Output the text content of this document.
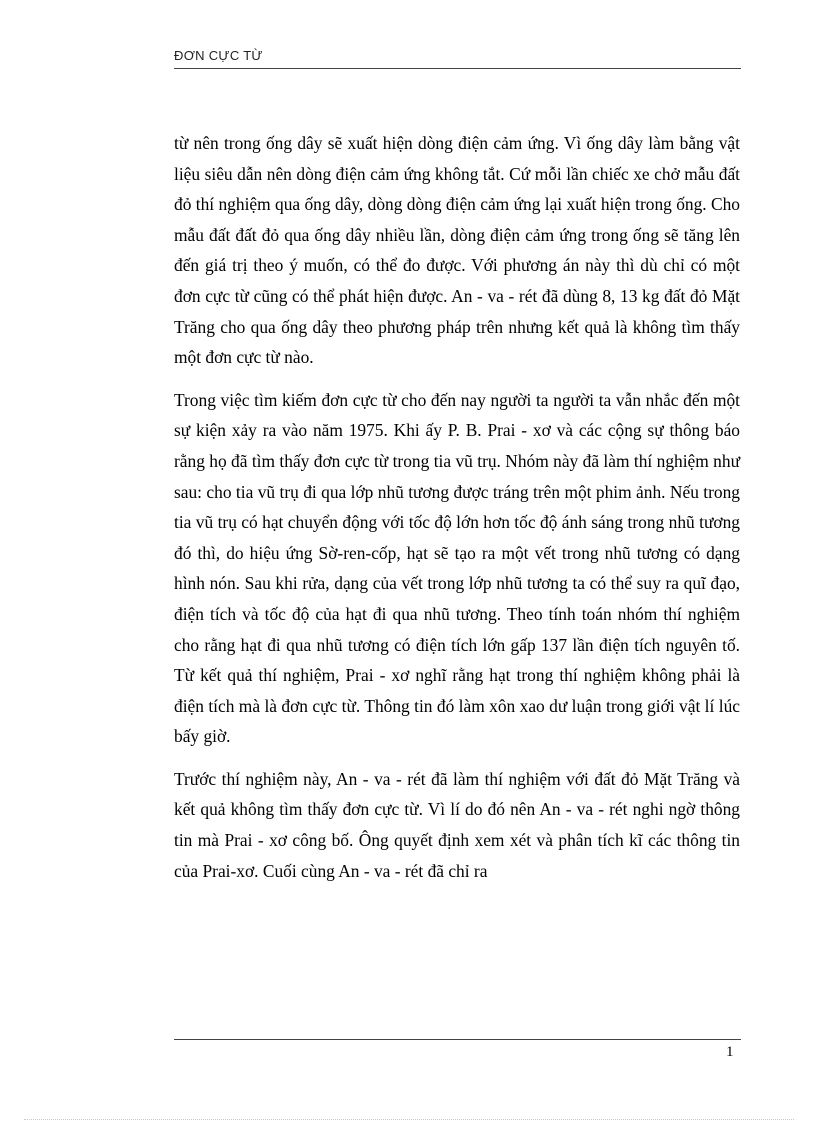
ĐƠN CỰC TỪ

từ nên trong ống dây sẽ xuất hiện dòng điện cảm ứng. Vì ống dây làm bằng vật liệu siêu dẫn nên dòng điện cảm ứng không tắt. Cứ mỗi lần chiếc xe chở mẫu đất đỏ thí nghiệm qua ống dây, dòng dòng điện cảm ứng lại xuất hiện trong ống. Cho mẫu đất đất đỏ qua ống dây nhiều lần, dòng điện cảm ứng trong ống sẽ tăng lên đến giá trị theo ý muốn, có thể đo được. Với phương án này thì dù chỉ có một đơn cực từ cũng có thể phát hiện được. An - va - rét đã dùng 8, 13 kg đất đỏ Mặt Trăng cho qua ống dây theo phương pháp trên nhưng kết quả là không tìm thấy một đơn cực từ nào.

Trong việc tìm kiếm đơn cực từ cho đến nay người ta người ta vẫn nhắc đến một sự kiện xảy ra vào năm 1975. Khi ấy P. B. Prai - xơ và các cộng sự thông báo rằng họ đã tìm thấy đơn cực từ trong tia vũ trụ. Nhóm này đã làm thí nghiệm như sau: cho tia vũ trụ đi qua lớp nhũ tương được tráng trên một phim ảnh. Nếu trong tia vũ trụ có hạt chuyển động với tốc độ lớn hơn tốc độ ánh sáng trong nhũ tương đó thì, do hiệu ứng Sờ-ren-cốp, hạt sẽ tạo ra một vết trong nhũ tương có dạng hình nón. Sau khi rửa, dạng của vết trong lớp nhũ tương ta có thể suy ra quĩ đạo, điện tích và tốc độ của hạt đi qua nhũ tương. Theo tính toán nhóm thí nghiệm cho rằng hạt đi qua nhũ tương có điện tích lớn gấp 137 lần điện tích nguyên tố. Từ kết quả thí nghiệm, Prai - xơ nghĩ rằng hạt trong thí nghiệm không phải là điện tích mà là đơn cực từ. Thông tin đó làm xôn xao dư luận trong giới vật lí lúc bấy giờ.

Trước thí nghiệm này, An - va - rét đã làm thí nghiệm với đất đỏ Mặt Trăng và kết quả không tìm thấy đơn cực từ. Vì lí do đó nên An - va - rét nghi ngờ thông tin mà Prai - xơ công bố. Ông quyết định xem xét và phân tích kĩ các thông tin của Prai-xơ. Cuối cùng An - va - rét đã chỉ ra

1
